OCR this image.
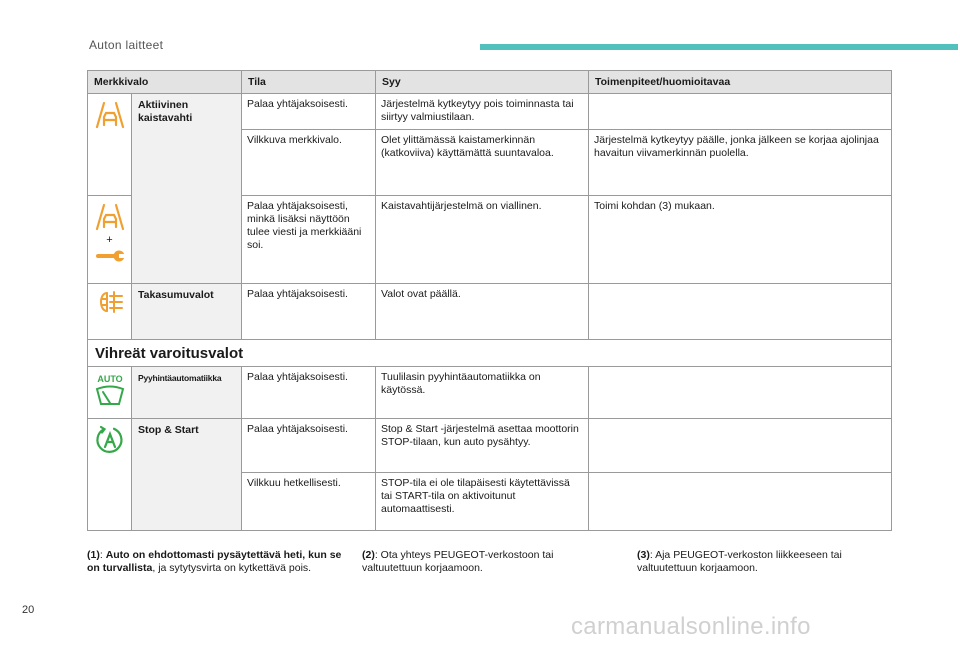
Auton laitteet
Merkkivalo		Tila	Syy	Toimenpiteet/huomioitavaa

	Aktiivinen kaistavahti	Palaa yhtäjaksoisesti.	Järjestelmä kytkeytyy pois toiminnasta tai siirtyy valmiustilaan.	
		Vilkkuva merkkivalo.	Olet ylittämässä kaistamerkinnän (katkoviiva) käyttämättä suuntavaloa.	Järjestelmä kytkeytyy päälle, jonka jälkeen se korjaa ajolinjaa havaitun viivamerkinnän puolella.

+		Palaa yhtäjaksoisesti, minkä lisäksi näyttöön tulee viesti ja merkkiääni soi.	Kaistavahtijärjestelmä on viallinen.	Toimi kohdan (3) mukaan.

	Takasumuvalot	Palaa yhtäjaksoisesti.	Valot ovat päällä.	
Vihreät varoitusvalot				

AUTO	Pyyhintäautomatiikka	Palaa yhtäjaksoisesti.	Tuulilasin pyyhintäautomatiikka on käytössä.	

	Stop & Start	Palaa yhtäjaksoisesti.	Stop & Start -järjestelmä asettaa moottorin STOP-tilaan, kun auto pysähtyy.	
		Vilkkuu hetkellisesti.	STOP-tila ei ole tilapäisesti käytettävissä tai START-tila on aktivoitunut automaattisesti.	
(1): Auto on ehdottomasti pysäytettävä heti, kun se on turvallista, ja sytytysvirta on kytkettävä pois.
(2): Ota yhteys PEUGEOT-verkostoon tai valtuutettuun korjaamoon.
(3): Aja PEUGEOT-verkoston liikkeeseen tai valtuutettuun korjaamoon.
20
carmanualsonline.info
